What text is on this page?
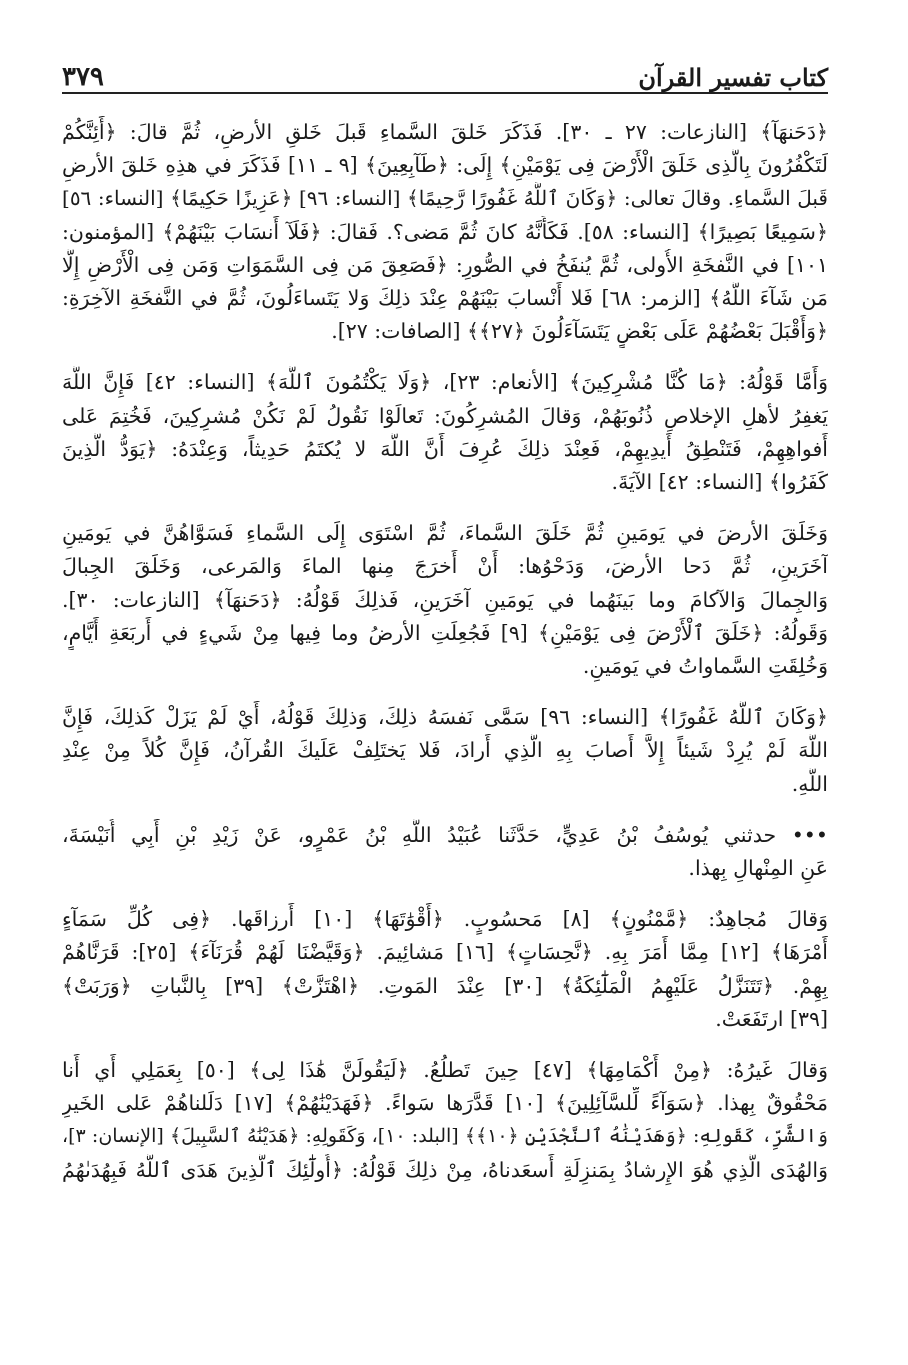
كتاب تفسير القرآن
٣٧٩
﴿دَحَنهَآ﴾ [النازعات: ٢٧ ـ ٣٠]. فَذَكَرَ خَلقَ السَّماءِ قَبلَ خَلقِ الأرضِ، ثُمَّ قالَ: ﴿أَئِنَّكُمْ
لَتَكْفُرُونَ بِالَّذِى خَلَقَ الْأَرْضَ فِى يَوْمَيْنِ﴾ إِلَى: ﴿طَآبِعِينَ﴾ [٩ ـ ١١] فَذَكَرَ في هذِهِ خَلقَ الأرضِ
قَبلَ السَّماءِ. وقالَ تعالى: ﴿وَكَانَ ٱللَّهُ غَفُورًا رَّحِيمًا﴾ [النساء: ٩٦] ﴿عَزِيزًا حَكِيمًا﴾ [النساء: ٥٦]
﴿سَمِيعًا بَصِيرًا﴾ [النساء: ٥٨]. فَكَأَنَّهُ كانَ ثُمَّ مَضى؟. فَقالَ: ﴿فَلَآ أَنسَابَ بَيْنَهُمْ﴾ [المؤمنون:
١٠١] في النَّفخَةِ الأُولى، ثُمَّ يُنفَخُ في الصُّورِ: ﴿فَصَعِقَ مَن فِى السَّمَوَاتِ وَمَن فِى الْأَرْضِ إِلَّا
مَن شَآءَ اللَّهُ﴾ [الزمر: ٦٨] فَلا أَنْسابَ بَيْنَهُمْ عِنْدَ ذلِكَ وَلا يَتَساءَلُونَ، ثُمَّ في النَّفخَةِ الآخِرَةِ:
﴿وَأَقْبَلَ بَعْضُهُمْ عَلَى بَعْضٍ يَتَسَآءَلُونَ ﴿٢٧﴾﴾ [الصافات: ٢٧].
وَأَمَّا قَوْلُهُ: ﴿مَا كُنَّا مُشْرِكِينَ﴾ [الأنعام: ٢٣]، ﴿وَلَا يَكْتُمُونَ ٱللَّهَ﴾ [النساء: ٤٢] فَإِنَّ اللَّهَ
يَغفِرُ لأهلِ الإخلاصِ ذُنُوبَهُمْ، وَقالَ المُشرِكُونَ: تَعالَوْا نَقُولُ لَمْ نَكُنْ مُشرِكِينَ، فَخُتِمَ عَلى
أَفواهِهِمْ، فَتَنْطِقُ أَيدِيهِمْ، فَعِنْدَ ذلِكَ عُرِفَ أَنَّ اللَّهَ لا يُكتَمُ حَدِيثاً، وَعِنْدَهُ: ﴿يَوَدُّ الَّذِينَ
كَفَرُوا﴾ [النساء: ٤٢] الآيَةَ.
وَخَلَقَ الأرضَ في يَومَينِ ثُمَّ خَلَقَ السَّماءَ، ثُمَّ اسْتَوَى إِلَى السَّماءِ فَسَوَّاهُنَّ في يَومَينِ
آخَرَينِ، ثُمَّ دَحا الأرضَ، وَدَحْوُها: أَنْ أَخرَجَ مِنها الماءَ وَالمَرعى، وَخَلَقَ الجِبالَ
وَالجِمالَ وَالآكامَ وما بَينَهُما في يَومَينِ آخَرَينِ، فَذلِكَ قَوْلُهُ: ﴿دَحَنهَآ﴾ [النازعات: ٣٠].
وَقَولُهُ: ﴿خَلَقَ ٱلْأَرْضَ فِى يَوْمَيْنِ﴾ [٩] فَجُعِلَتِ الأرضُ وما فِيها مِنْ شَيءٍ في أَربَعَةِ أَيَّامٍ،
وَخُلِقَتِ السَّماواتُ في يَومَينِ.
﴿وَكَانَ ٱللَّهُ غَفُورًا﴾ [النساء: ٩٦] سَمَّى نَفسَهُ ذلِكَ، وَذلِكَ قَوْلُهُ، أَيْ لَمْ يَزَلْ كَذلِكَ، فَإِنَّ
اللَّهَ لَمْ يُرِدْ شَيئاً إِلاَّ أَصابَ بِهِ الَّذِي أَرادَ، فَلا يَختَلِفْ عَلَيكَ القُرآنُ، فَإِنَّ كُلاً مِنْ عِنْدِ
اللَّهِ.
••• حدثني يُوسُفُ بْنُ عَدِيٍّ، حَدَّثَنا عُبَيْدُ اللَّهِ بْنُ عَمْرٍو، عَنْ زَيْدِ بْنِ أَبِي أُنَيْسَةَ،
عَنِ المِنْهالِ بِهذا.
وَقالَ مُجاهِدٌ: ﴿مَّمْنُونٍ﴾ [٨] مَحسُوبٍ. ﴿أَقْوَٰتَهَا﴾ [١٠] أَرزاقَها. ﴿فِى كُلِّ سَمَآءٍ
أَمْرَهَا﴾ [١٢] مِمَّا أَمَرَ بِهِ. ﴿نَّحِسَاتٍ﴾ [١٦] مَشائِيمَ. ﴿وَقَيَّضْنَا لَهُمْ قُرَنَآءَ﴾ [٢٥]: قَرَنَّاهُمْ
بِهِمْ. ﴿تَتَنَزَّلُ عَلَيْهِمُ الْمَلَٰٓئِكَةُ﴾ [٣٠] عِنْدَ المَوتِ. ﴿اهْتَزَّتْ﴾ [٣٩] بِالنَّباتِ ﴿وَرَبَتْ﴾
[٣٩] ارتَفَعَتْ.
وَقالَ غَيرُهُ: ﴿مِنْ أَكْمَامِهَا﴾ [٤٧] حِينَ تَطلُعُ. ﴿لَيَقُولَنَّ هَٰذَا لِى﴾ [٥٠] بِعَمَلِي أَي أَنا
مَحْقُوقٌ بِهذا. ﴿سَوَآءً لِّلسَّآئِلِينَ﴾ [١٠] قَدَّرَها سَواءً. ﴿فَهَدَيْنَٰهُمْ﴾ [١٧] دَلَلناهُمْ عَلى الخَيرِ
وَالشَّرِّ، كَقَولِهِ: ﴿وَهَدَيْنَٰهُ ٱلنَّجْدَيْنِ ﴿١٠﴾﴾ [البلد: ١٠]، وَكَقَولِهِ: ﴿هَدَيْنَٰهُ ٱلسَّبِيلَ﴾ [الإنسان: ٣]،
وَالهُدَى الَّذِي هُوَ الإِرشادُ بِمَنزِلَةِ أَسعَدناهُ، مِنْ ذلِكَ قَوْلُهُ: ﴿أُولَٰٓئِكَ ٱلَّذِينَ هَدَى ٱللَّهُ فَبِهُدَىٰهُمُ
